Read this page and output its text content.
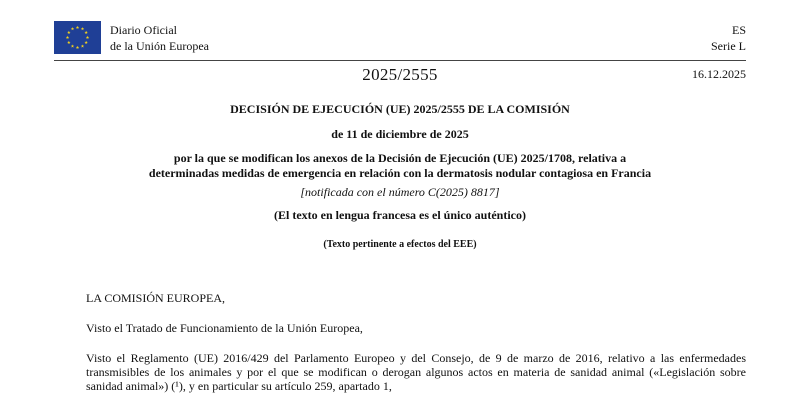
Diario Oficial
de la Unión Europea
ES
Serie L
2025/2555	16.12.2025
DECISIÓN DE EJECUCIÓN (UE) 2025/2555 DE LA COMISIÓN
de 11 de diciembre de 2025
por la que se modifican los anexos de la Decisión de Ejecución (UE) 2025/1708, relativa a
determinadas medidas de emergencia en relación con la dermatosis nodular contagiosa en Francia
[notificada con el número C(2025) 8817]
(El texto en lengua francesa es el único auténtico)
(Texto pertinente a efectos del EEE)
LA COMISIÓN EUROPEA,
Visto el Tratado de Funcionamiento de la Unión Europea,
Visto el Reglamento (UE) 2016/429 del Parlamento Europeo y del Consejo, de 9 de marzo de 2016, relativo a las enfermedades transmisibles de los animales y por el que se modifican o derogan algunos actos en materia de sanidad animal («Legislación sobre sanidad animal») (¹), y en particular su artículo 259, apartado 1,
